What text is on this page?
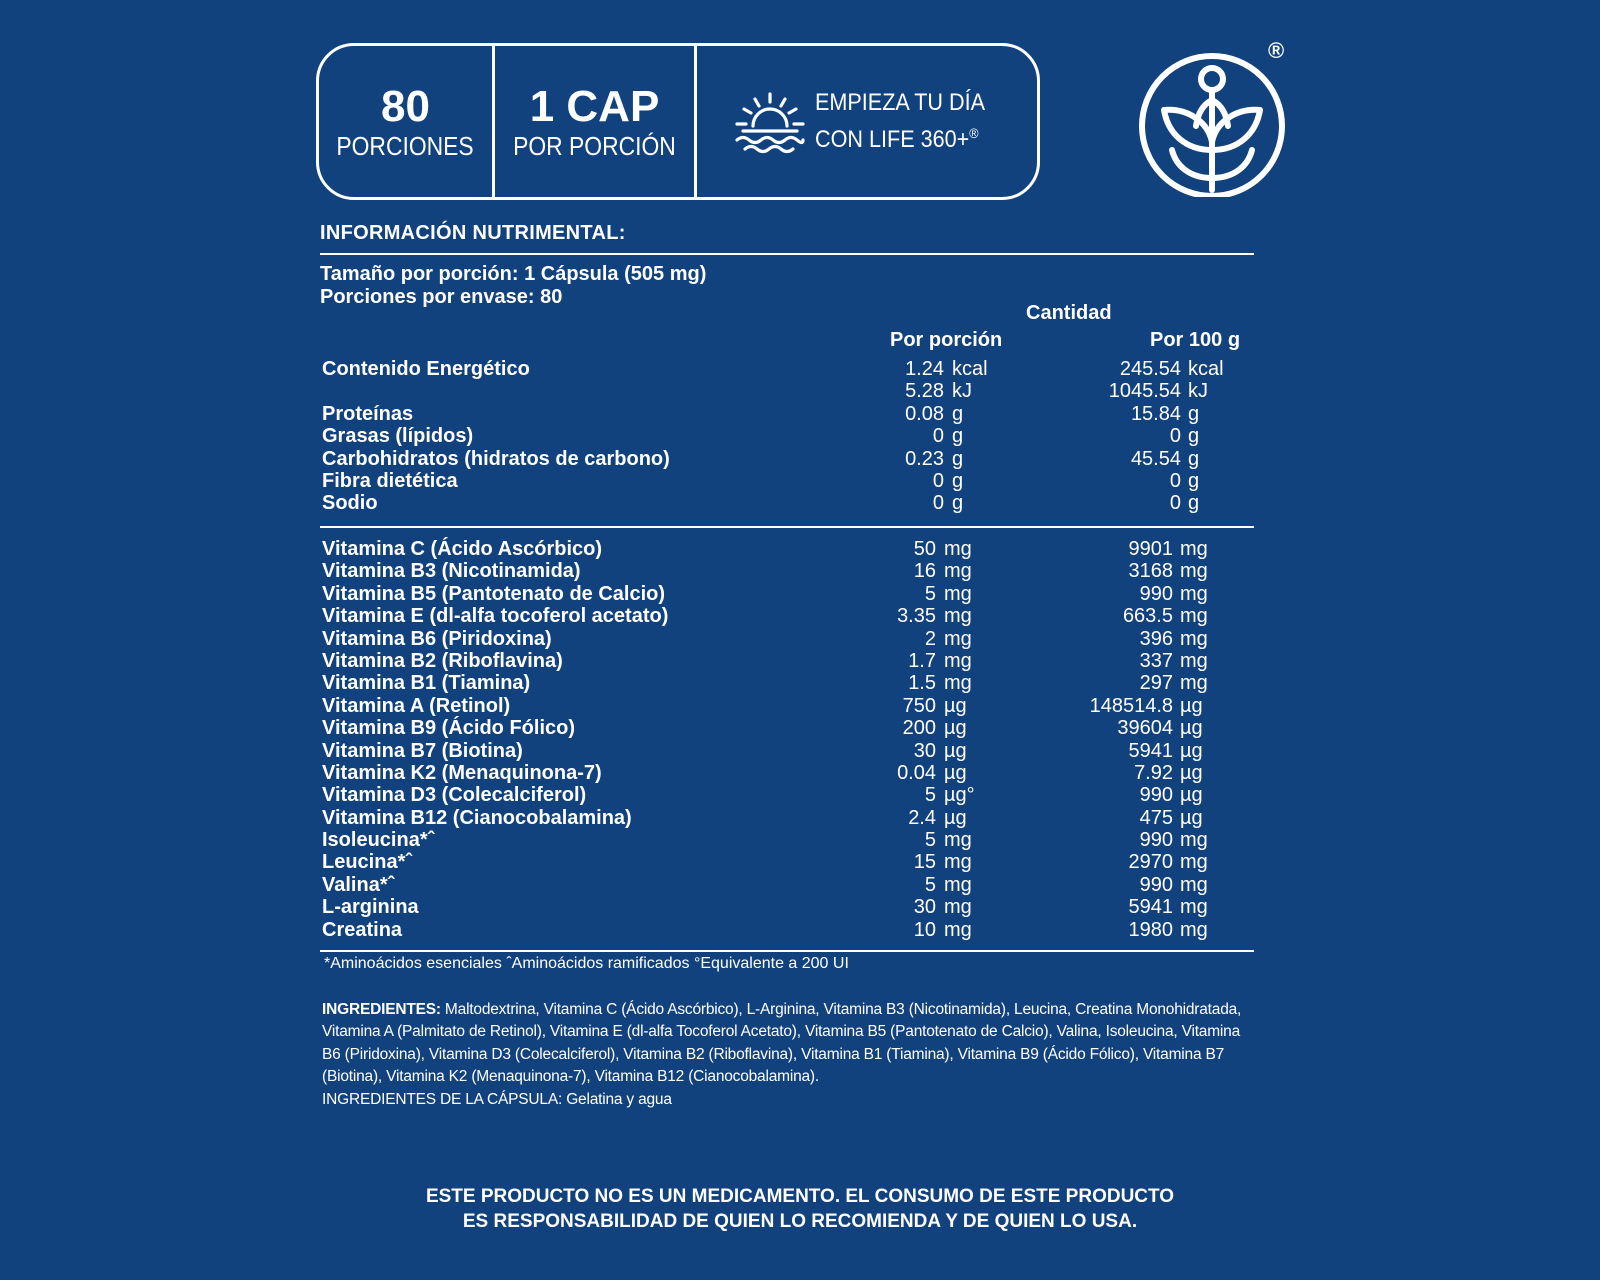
80
PORCIONES
1 CAP
POR PORCIÓN
EMPIEZA TU DÍA
CON LIFE 360+®
®
INFORMACIÓN NUTRIMENTAL:
Tamaño por porción: 1 Cápsula (505 mg)
Porciones por envase: 80
Cantidad
Por porción	Por 100 g
Contenido Energético	1.24 kcal	245.54 kcal
5.28 kJ	1045.54 kJ
Proteínas	0.08 g	15.84 g
Grasas (lípidos)	0 g	0 g
Carbohidratos (hidratos de carbono)	0.23 g	45.54 g
Fibra dietética	0 g	0 g
Sodio	0 g	0 g
Vitamina C (Ácido Ascórbico)	50 mg	9901 mg
Vitamina B3 (Nicotinamida)	16 mg	3168 mg
Vitamina B5 (Pantotenato de Calcio)	5 mg	990 mg
Vitamina E (dl-alfa tocoferol acetato)	3.35 mg	663.5 mg
Vitamina B6 (Piridoxina)	2 mg	396 mg
Vitamina B2 (Riboflavina)	1.7 mg	337 mg
Vitamina B1 (Tiamina)	1.5 mg	297 mg
Vitamina A (Retinol)	750 µg	148514.8 µg
Vitamina B9 (Ácido Fólico)	200 µg	39604 µg
Vitamina B7 (Biotina)	30 µg	5941 µg
Vitamina K2 (Menaquinona-7)	0.04 µg	7.92 µg
Vitamina D3 (Colecalciferol)	5 µg°	990 µg
Vitamina B12 (Cianocobalamina)	2.4 µg	475 µg
Isoleucina*ˆ	5 mg	990 mg
Leucina*ˆ	15 mg	2970 mg
Valina*ˆ	5 mg	990 mg
L-arginina	30 mg	5941 mg
Creatina	10 mg	1980 mg
*Aminoácidos esenciales ˆAminoácidos ramificados °Equivalente a 200 UI
INGREDIENTES: Maltodextrina, Vitamina C (Ácido Ascórbico), L-Arginina, Vitamina B3 (Nicotinamida), Leucina, Creatina Monohidratada, Vitamina A (Palmitato de Retinol), Vitamina E (dl-alfa Tocoferol Acetato), Vitamina B5 (Pantotenato de Calcio), Valina, Isoleucina, Vitamina B6 (Piridoxina), Vitamina D3 (Colecalciferol), Vitamina B2 (Riboflavina), Vitamina B1 (Tiamina), Vitamina B9 (Ácido Fólico), Vitamina B7 (Biotina), Vitamina K2 (Menaquinona-7), Vitamina B12 (Cianocobalamina).
INGREDIENTES DE LA CÁPSULA: Gelatina y agua
ESTE PRODUCTO NO ES UN MEDICAMENTO. EL CONSUMO DE ESTE PRODUCTO
ES RESPONSABILIDAD DE QUIEN LO RECOMIENDA Y DE QUIEN LO USA.
